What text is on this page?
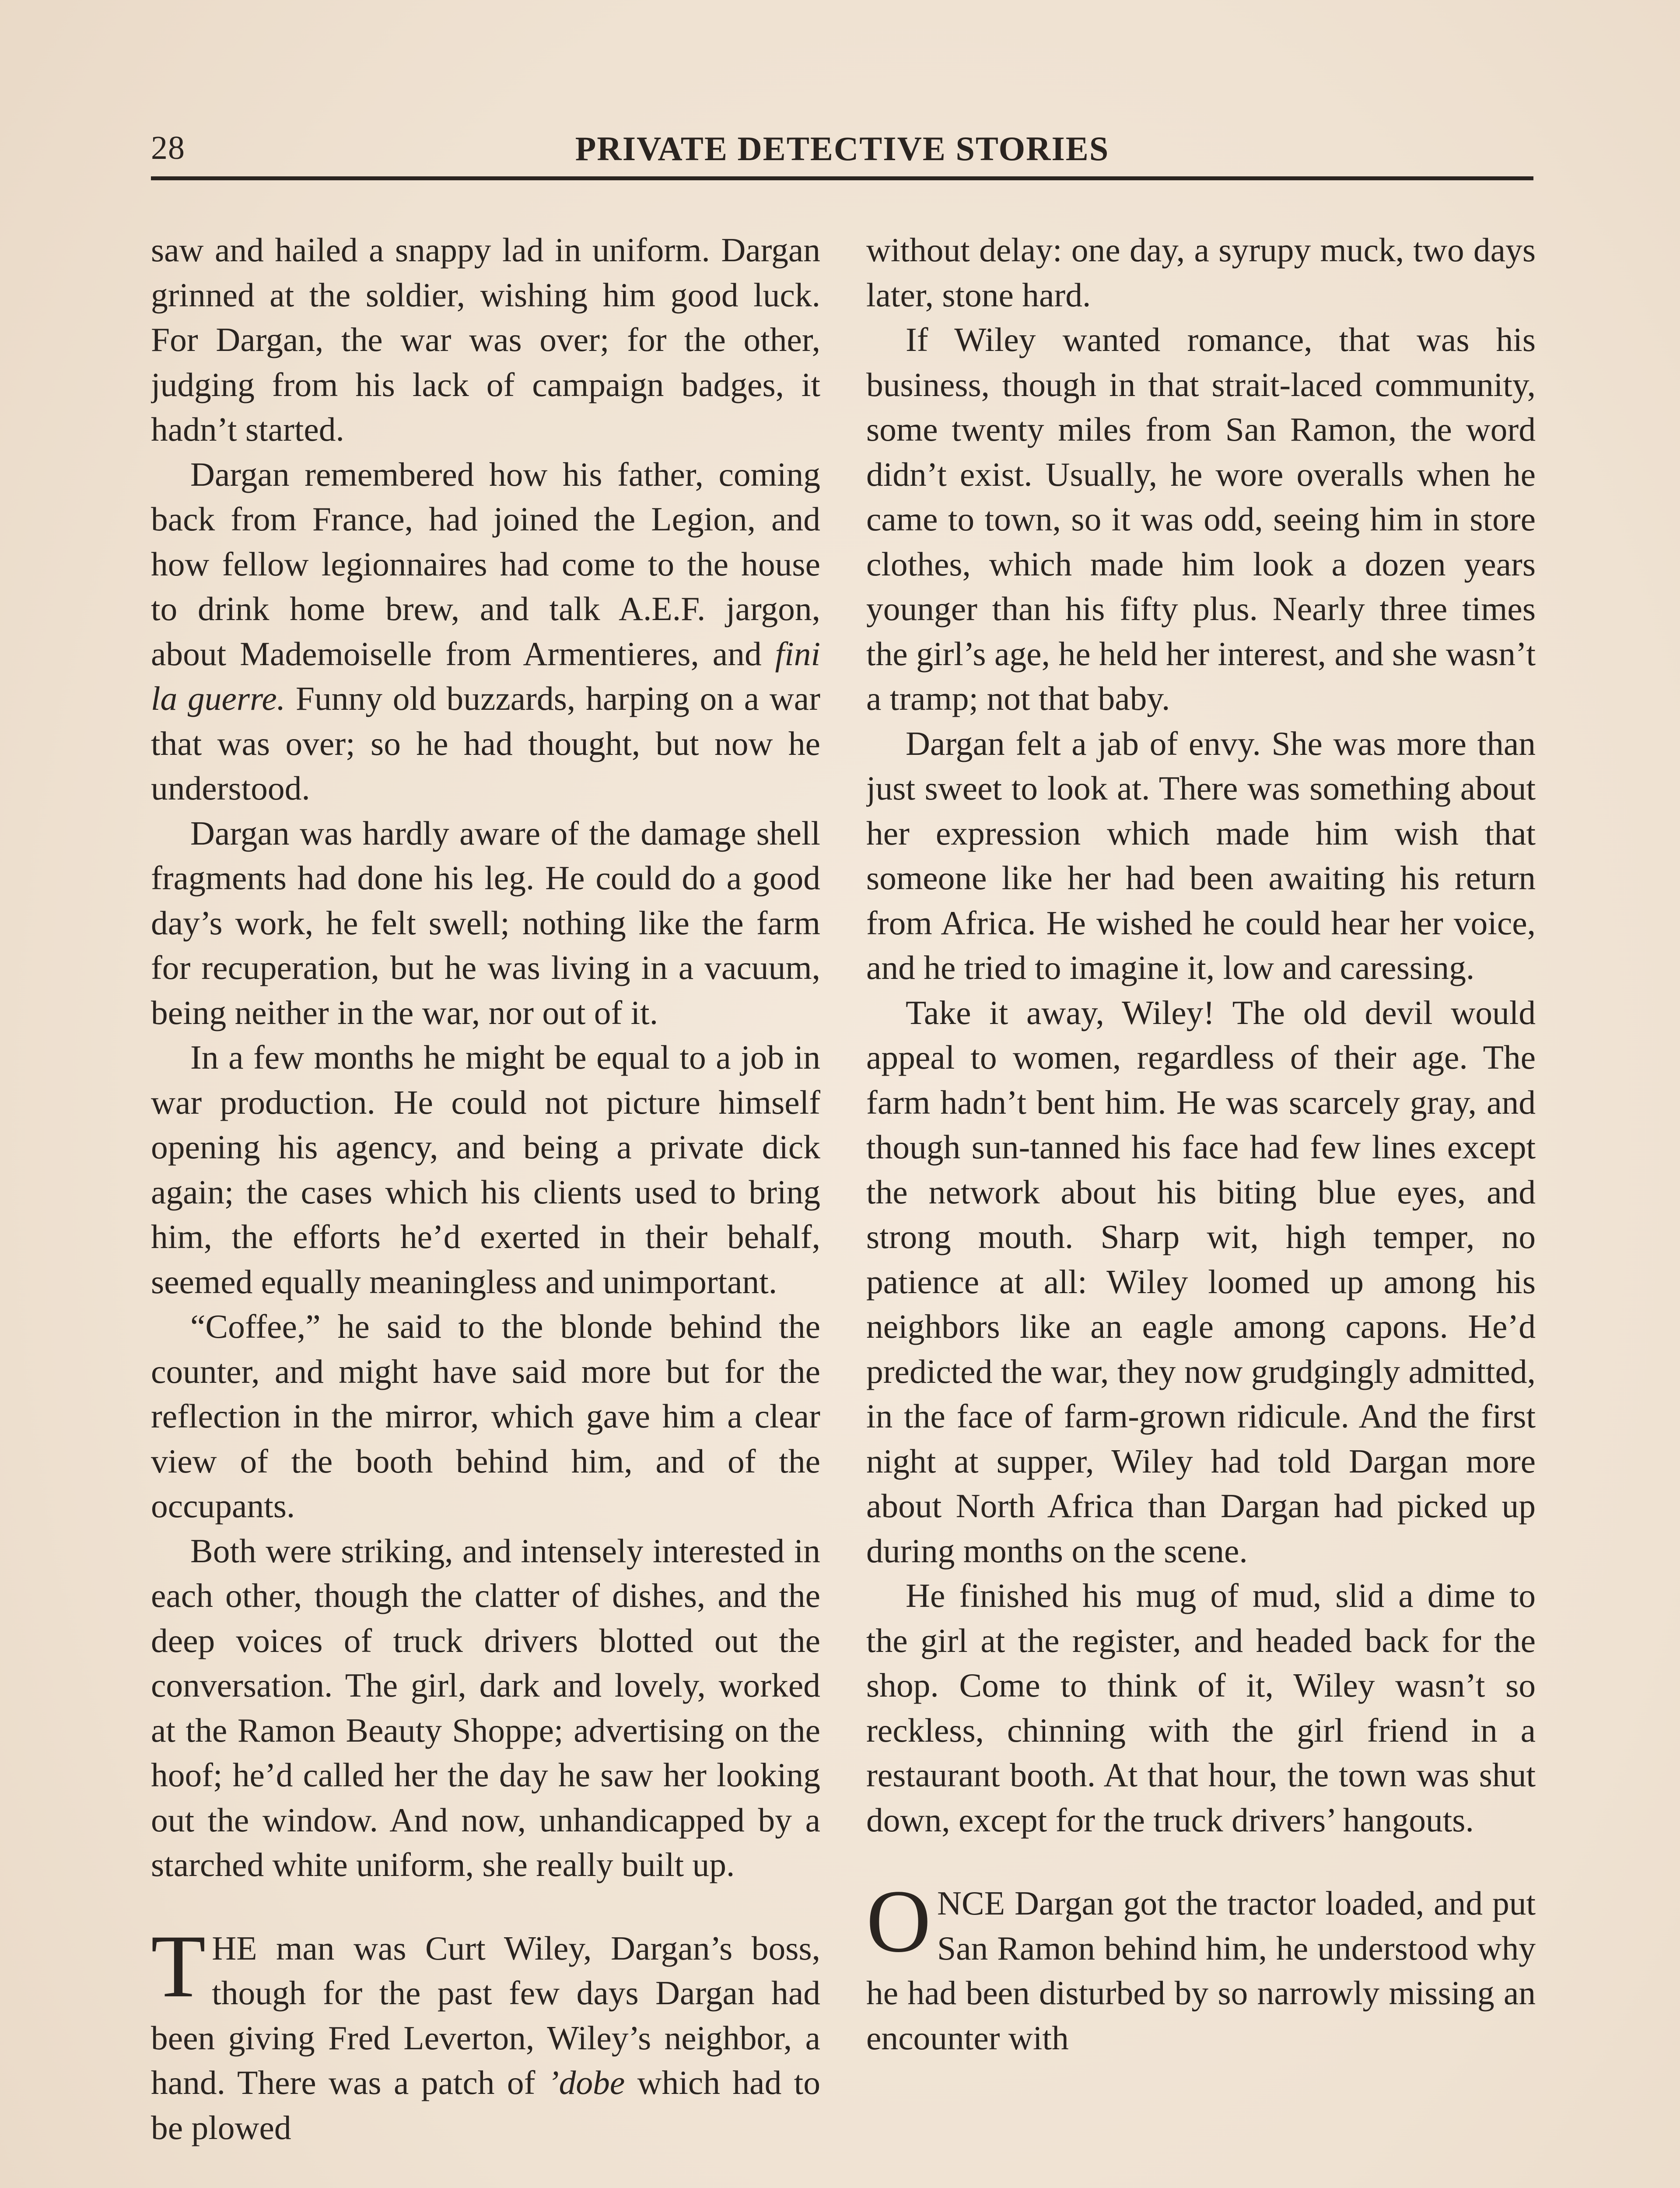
28	PRIVATE DETECTIVE STORIES

saw and hailed a snappy lad in uniform. Dargan grinned at the soldier, wishing him good luck. For Dargan, the war was over; for the other, judging from his lack of campaign badges, it hadn’t started.

Dargan remembered how his father, coming back from France, had joined the Legion, and how fellow legionnaires had come to the house to drink home brew, and talk A.E.F. jargon, about Mademoiselle from Armentieres, and fini la guerre. Funny old buzzards, harping on a war that was over; so he had thought, but now he understood.

Dargan was hardly aware of the damage shell fragments had done his leg. He could do a good day’s work, he felt swell; nothing like the farm for recuperation, but he was living in a vacuum, being neither in the war, nor out of it.

In a few months he might be equal to a job in war production. He could not picture himself opening his agency, and being a private dick again; the cases which his clients used to bring him, the efforts he’d exerted in their behalf, seemed equally meaningless and unimportant.

“Coffee,” he said to the blonde behind the counter, and might have said more but for the reflection in the mirror, which gave him a clear view of the booth behind him, and of the occupants.

Both were striking, and intensely interested in each other, though the clatter of dishes, and the deep voices of truck drivers blotted out the conversation. The girl, dark and lovely, worked at the Ramon Beauty Shoppe; advertising on the hoof; he’d called her the day he saw her looking out the window. And now, unhandicapped by a starched white uniform, she really built up.

THE man was Curt Wiley, Dargan’s boss, though for the past few days Dargan had been giving Fred Leverton, Wiley’s neighbor, a hand. There was a patch of ’dobe which had to be plowed

without delay: one day, a syrupy muck, two days later, stone hard.

If Wiley wanted romance, that was his business, though in that strait-laced community, some twenty miles from San Ramon, the word didn’t exist. Usually, he wore overalls when he came to town, so it was odd, seeing him in store clothes, which made him look a dozen years younger than his fifty plus. Nearly three times the girl’s age, he held her interest, and she wasn’t a tramp; not that baby.

Dargan felt a jab of envy. She was more than just sweet to look at. There was something about her expression which made him wish that someone like her had been awaiting his return from Africa. He wished he could hear her voice, and he tried to imagine it, low and caressing.

Take it away, Wiley! The old devil would appeal to women, regardless of their age. The farm hadn’t bent him. He was scarcely gray, and though sun-tanned his face had few lines except the network about his biting blue eyes, and strong mouth. Sharp wit, high temper, no patience at all: Wiley loomed up among his neighbors like an eagle among capons. He’d predicted the war, they now grudgingly admitted, in the face of farm-grown ridicule. And the first night at supper, Wiley had told Dargan more about North Africa than Dargan had picked up during months on the scene.

He finished his mug of mud, slid a dime to the girl at the register, and headed back for the shop. Come to think of it, Wiley wasn’t so reckless, chinning with the girl friend in a restaurant booth. At that hour, the town was shut down, except for the truck drivers’ hangouts.

ONCE Dargan got the tractor loaded, and put San Ramon behind him, he understood why he had been disturbed by so narrowly missing an encounter with
